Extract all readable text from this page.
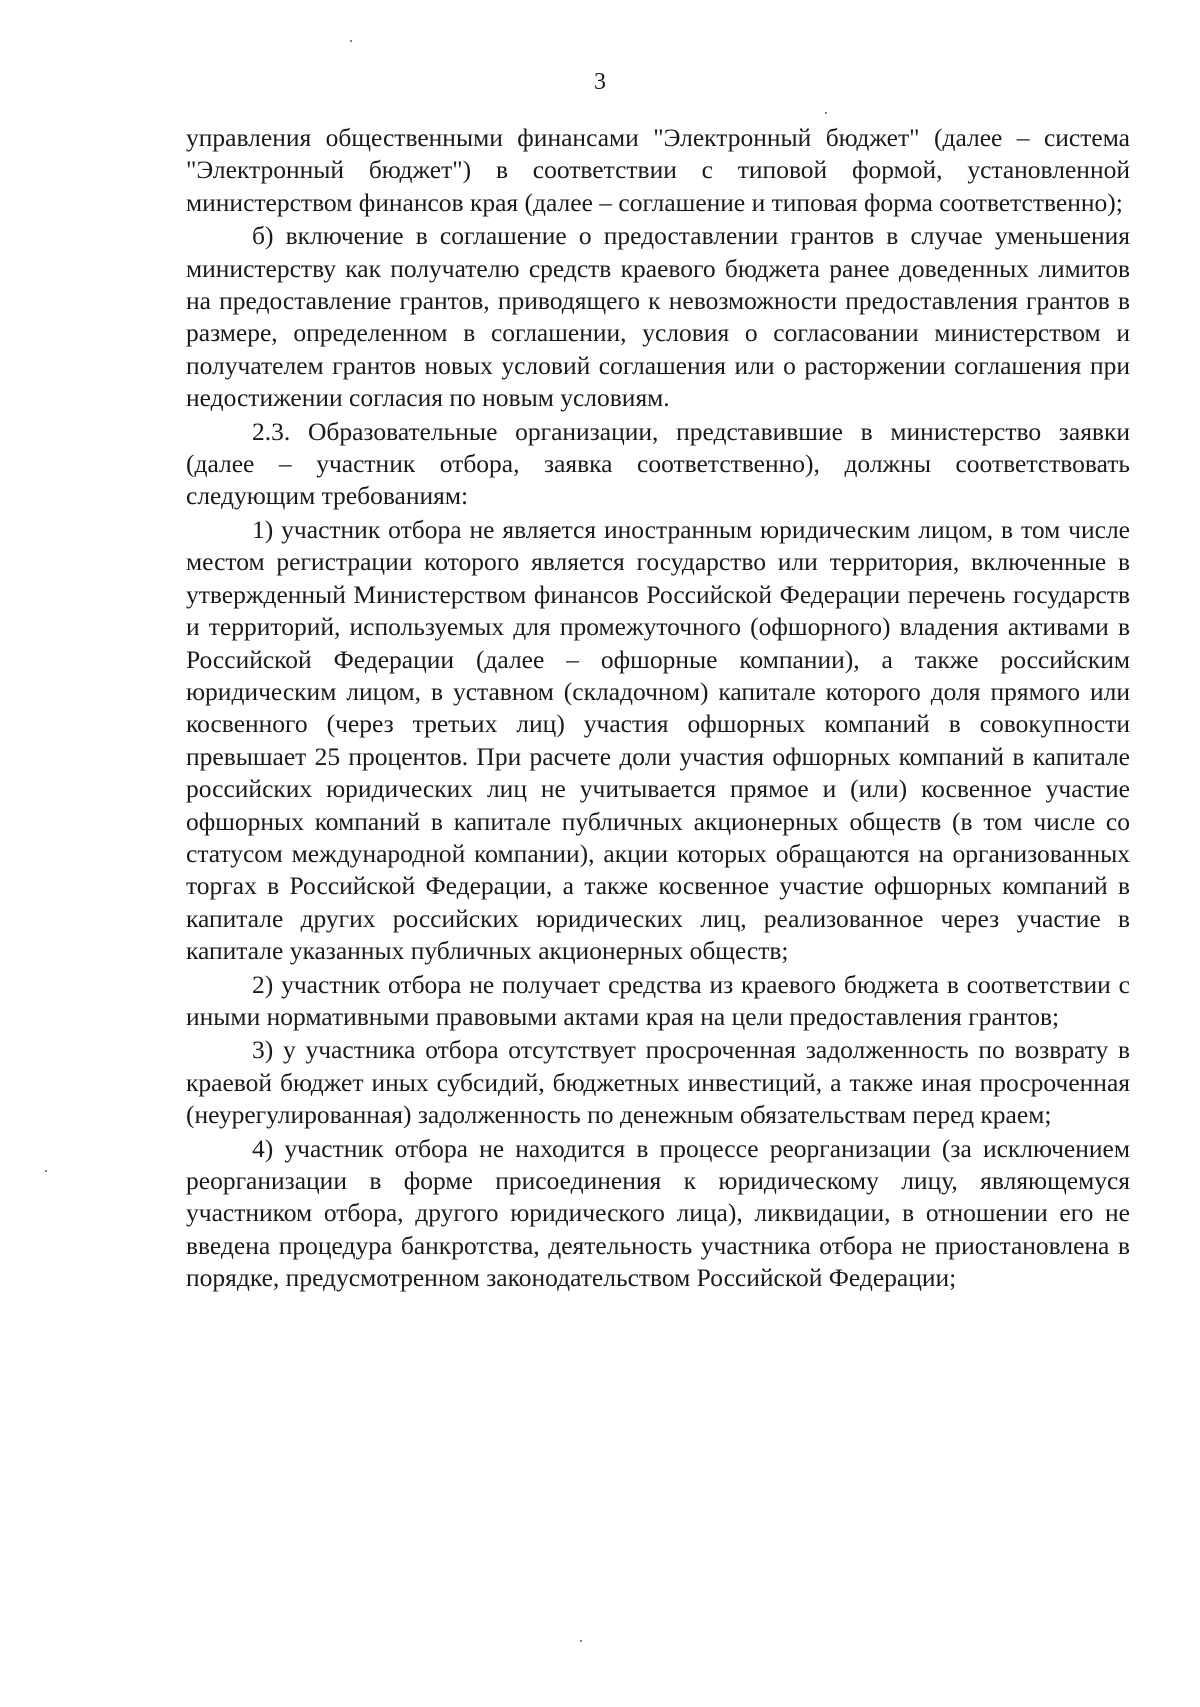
3

управления общественными финансами "Электронный бюджет" (далее – система "Электронный бюджет") в соответствии с типовой формой, установленной министерством финансов края (далее – соглашение и типовая форма соответственно);

б) включение в соглашение о предоставлении грантов в случае уменьшения министерству как получателю средств краевого бюджета ранее доведенных лимитов на предоставление грантов, приводящего к невозможности предоставления грантов в размере, определенном в соглашении, условия о согласовании министерством и получателем грантов новых условий соглашения или о расторжении соглашения при недостижении согласия по новым условиям.

2.3. Образовательные организации, представившие в министерство заявки (далее – участник отбора, заявка соответственно), должны соответствовать следующим требованиям:

1) участник отбора не является иностранным юридическим лицом, в том числе местом регистрации которого является государство или территория, включенные в утвержденный Министерством финансов Российской Федерации перечень государств и территорий, используемых для промежуточного (офшорного) владения активами в Российской Федерации (далее – офшорные компании), а также российским юридическим лицом, в уставном (складочном) капитале которого доля прямого или косвенного (через третьих лиц) участия офшорных компаний в совокупности превышает 25 процентов. При расчете доли участия офшорных компаний в капитале российских юридических лиц не учитывается прямое и (или) косвенное участие офшорных компаний в капитале публичных акционерных обществ (в том числе со статусом международной компании), акции которых обращаются на организованных торгах в Российской Федерации, а также косвенное участие офшорных компаний в капитале других российских юридических лиц, реализованное через участие в капитале указанных публичных акционерных обществ;

2) участник отбора не получает средства из краевого бюджета в соответствии с иными нормативными правовыми актами края на цели предоставления грантов;

3) у участника отбора отсутствует просроченная задолженность по возврату в краевой бюджет иных субсидий, бюджетных инвестиций, а также иная просроченная (неурегулированная) задолженность по денежным обязательствам перед краем;

4) участник отбора не находится в процессе реорганизации (за исключением реорганизации в форме присоединения к юридическому лицу, являющемуся участником отбора, другого юридического лица), ликвидации, в отношении его не введена процедура банкротства, деятельность участника отбора не приостановлена в порядке, предусмотренном законодательством Российской Федерации;
